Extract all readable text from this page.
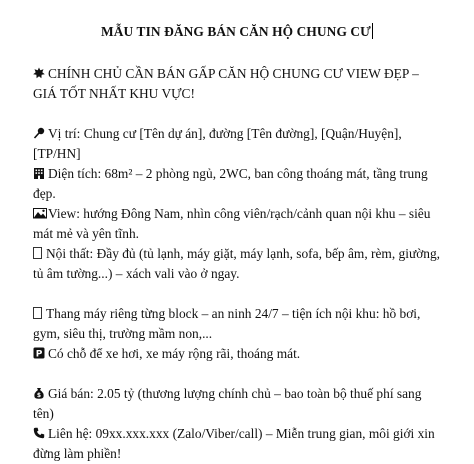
MẪU TIN ĐĂNG BÁN CĂN HỘ CHUNG CƯ

CHÍNH CHỦ CẦN BÁN GẤP CĂN HỘ CHUNG CƯ VIEW ĐẸP – GIÁ TỐT NHẤT KHU VỰC!

Vị trí: Chung cư [Tên dự án], đường [Tên đường], [Quận/Huyện], [TP/HN]

Diện tích: 68m² – 2 phòng ngủ, 2WC, ban công thoáng mát, tầng trung đẹp.

View: hướng Đông Nam, nhìn công viên/rạch/cảnh quan nội khu – siêu mát mẻ và yên tĩnh.

Nội thất: Đầy đủ (tủ lạnh, máy giặt, máy lạnh, sofa, bếp âm, rèm, giường, tủ âm tường...) – xách vali vào ở ngay.

Thang máy riêng từng block – an ninh 24/7 – tiện ích nội khu: hồ bơi, gym, siêu thị, trường mầm non,...

P Có chỗ để xe hơi, xe máy rộng rãi, thoáng mát.

$ Giá bán: 2.05 tỷ (thương lượng chính chủ – bao toàn bộ thuế phí sang tên)

Liên hệ: 09xx.xxx.xxx (Zalo/Viber/call) – Miễn trung gian, môi giới xin đừng làm phiền!
